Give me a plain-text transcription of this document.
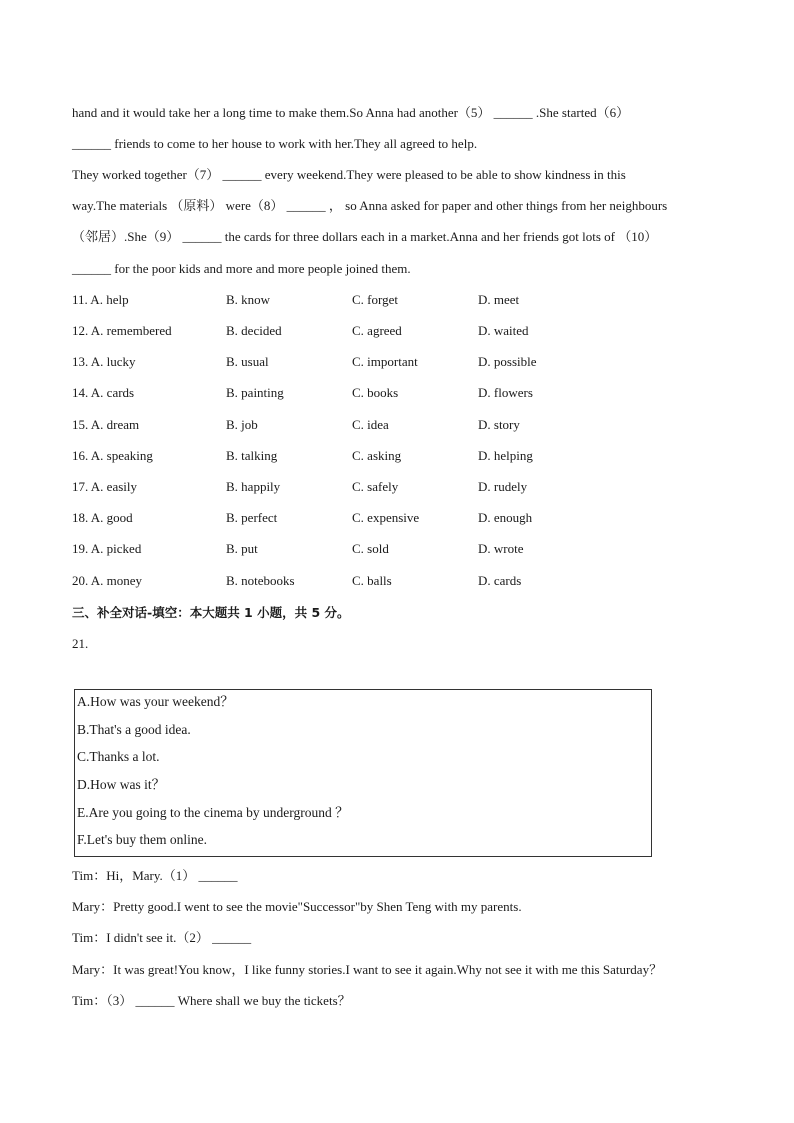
hand and it would take her a long time to make them.So Anna had another（5） ______ .She started（6）
______ friends to come to her house to work with her.They all agreed to help.
They worked together（7） ______ every weekend.They were pleased to be able to show kindness in this
way.The materials （原料） were（8） ______ ， so Anna asked for paper and other things from her neighbours
（邻居）.She（9） ______ the cards for three dollars each in a market.Anna and her friends got lots of （10）
______ for the poor kids and more and more people joined them.
11. A. help	B. know	C. forget	D. meet
12. A. remembered	B. decided	C. agreed	D. waited
13. A. lucky	B. usual	C. important	D. possible
14. A. cards	B. painting	C. books	D. flowers
15. A. dream	B. job	C. idea	D. story
16. A. speaking	B. talking	C. asking	D. helping
17. A. easily	B. happily	C. safely	D. rudely
18. A. good	B. perfect	C. expensive	D. enough
19. A. picked	B. put	C. sold	D. wrote
20. A. money	B. notebooks	C. balls	D. cards
三、补全对话-填空：本大题共 1 小题，共 5 分。
21.
A.How was your weekend？
B.That's a good idea.
C.Thanks a lot.
D.How was it？
E.Are you going to the cinema by underground ？
F.Let's buy them online.
Tim：Hi，Mary.（1） ______
Mary：Pretty good.I went to see the movie"Successor"by Shen Teng with my parents.
Tim：I didn't see it.（2） ______
Mary：It was great!You know，I like funny stories.I want to see it again.Why not see it with me this Saturday？
Tim：（3） ______ Where shall we buy the tickets？
